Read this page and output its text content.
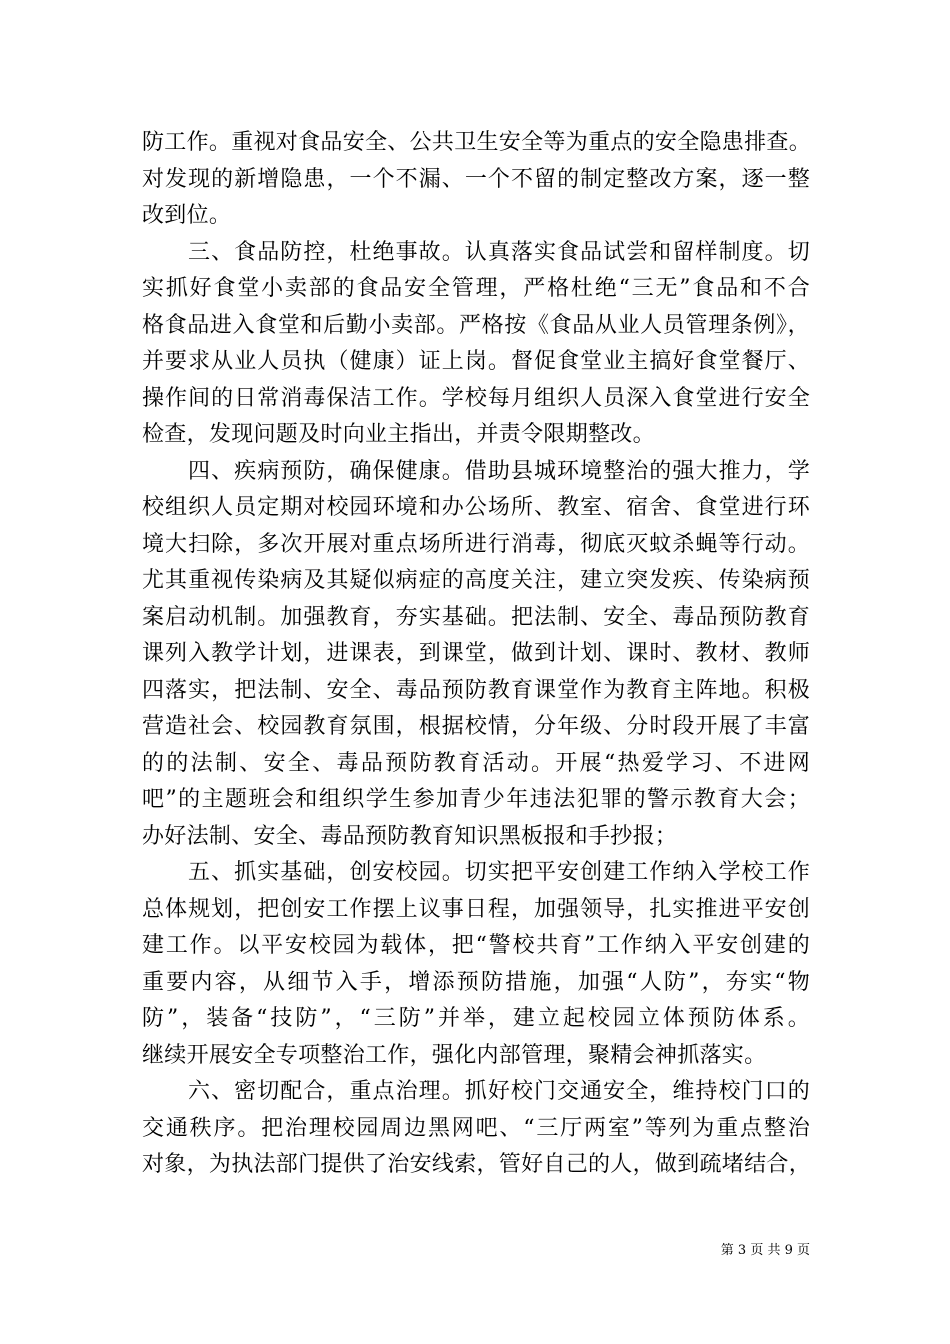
防工作。重视对食品安全、公共卫生安全等为重点的安全隐患排查。
对发现的新增隐患，一个不漏、一个不留的制定整改方案，逐一整
改到位。
三、食品防控，杜绝事故。认真落实食品试尝和留样制度。切
实抓好食堂小卖部的食品安全管理，严格杜绝“三无”食品和不合
格食品进入食堂和后勤小卖部。严格按《食品从业人员管理条例》，
并要求从业人员执（健康）证上岗。督促食堂业主搞好食堂餐厅、
操作间的日常消毒保洁工作。学校每月组织人员深入食堂进行安全
检查，发现问题及时向业主指出，并责令限期整改。
四、疾病预防，确保健康。借助县城环境整治的强大推力，学
校组织人员定期对校园环境和办公场所、教室、宿舍、食堂进行环
境大扫除，多次开展对重点场所进行消毒，彻底灭蚊杀蝇等行动。
尤其重视传染病及其疑似病症的高度关注，建立突发疾、传染病预
案启动机制。加强教育，夯实基础。把法制、安全、毒品预防教育
课列入教学计划，进课表，到课堂，做到计划、课时、教材、教师
四落实，把法制、安全、毒品预防教育课堂作为教育主阵地。积极
营造社会、校园教育氛围，根据校情，分年级、分时段开展了丰富
的的法制、安全、毒品预防教育活动。开展“热爱学习、不进网
吧”的主题班会和组织学生参加青少年违法犯罪的警示教育大会；
办好法制、安全、毒品预防教育知识黑板报和手抄报；
五、抓实基础，创安校园。切实把平安创建工作纳入学校工作
总体规划，把创安工作摆上议事日程，加强领导，扎实推进平安创
建工作。以平安校园为载体，把“警校共育”工作纳入平安创建的
重要内容，从细节入手，增添预防措施，加强“人防”，夯实“物
防”，装备“技防”，“三防”并举，建立起校园立体预防体系。
继续开展安全专项整治工作，强化内部管理，聚精会神抓落实。
六、密切配合，重点治理。抓好校门交通安全，维持校门口的
交通秩序。把治理校园周边黑网吧、“三厅两室”等列为重点整治
对象，为执法部门提供了治安线索，管好自己的人，做到疏堵结合，
第 3 页 共 9 页
